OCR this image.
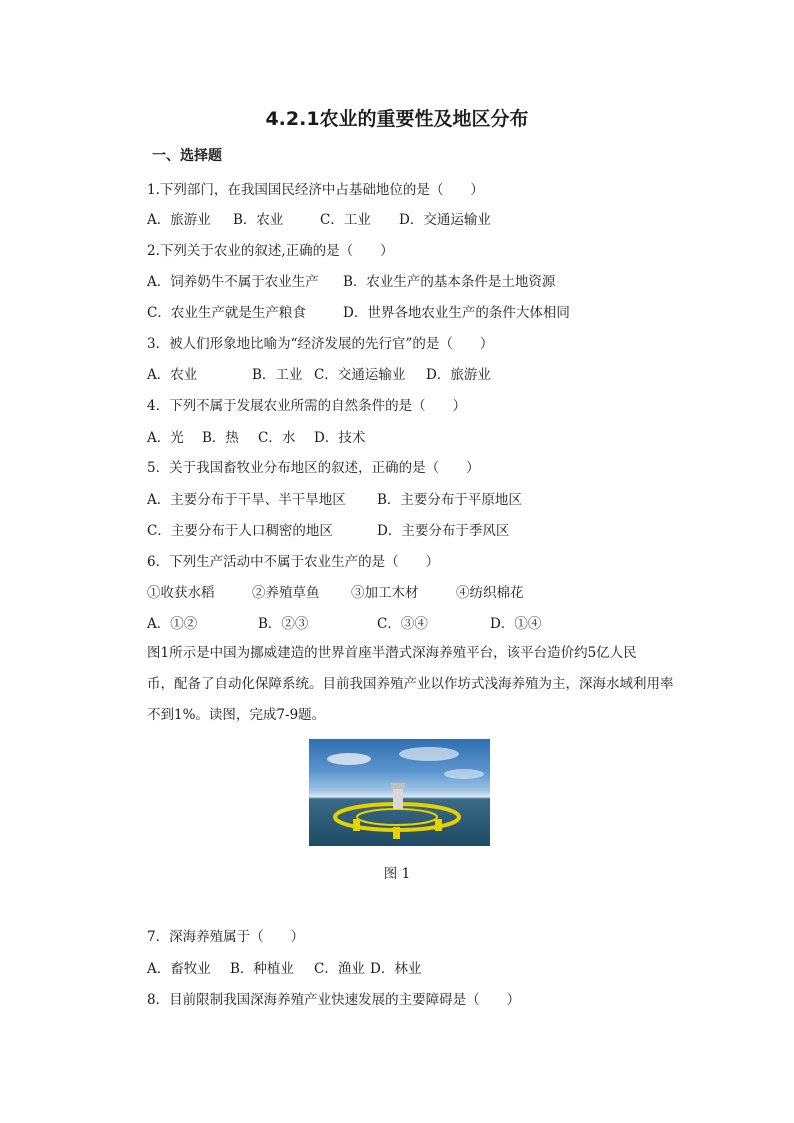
4.2.1农业的重要性及地区分布
一、选择题
1.下列部门，在我国国民经济中占基础地位的是（　　）
A．旅游业 B．农业	C．工业 D．交通运输业
2.下列关于农业的叙述,正确的是（　　）
A．饲养奶牛不属于农业生产 B．农业生产的基本条件是土地资源
C．农业生产就是生产粮食	D．世界各地农业生产的条件大体相同
3．被人们形象地比喻为“经济发展的先行官”的是（　　）
A．农业	B．工业 C．交通运输业 D．旅游业
4．下列不属于发展农业所需的自然条件的是（　　）
A．光 B．热 C．水 D．技术
5．关于我国畜牧业分布地区的叙述，正确的是（　　）
A．主要分布于干旱、半干旱地区 B．主要分布于平原地区
C．主要分布于人口稠密的地区	D．主要分布于季风区
6．下列生产活动中不属于农业生产的是（　　）
①收获水稻	②养殖草鱼 ③加工木材	④纺织棉花
A．①②	B．②③	C．③④	D．①④
图1所示是中国为挪威建造的世界首座半潜式深海养殖平台，该平台造价约5亿人民
币，配备了自动化保障系统。目前我国养殖产业以作坊式浅海养殖为主，深海水域利用率
不到1%。读图，完成7-9题。
图 1
7．深海养殖属于（　　）
A．畜牧业 B．种植业 C．渔业 D．林业
8．目前限制我国深海养殖产业快速发展的主要障碍是（　　）
